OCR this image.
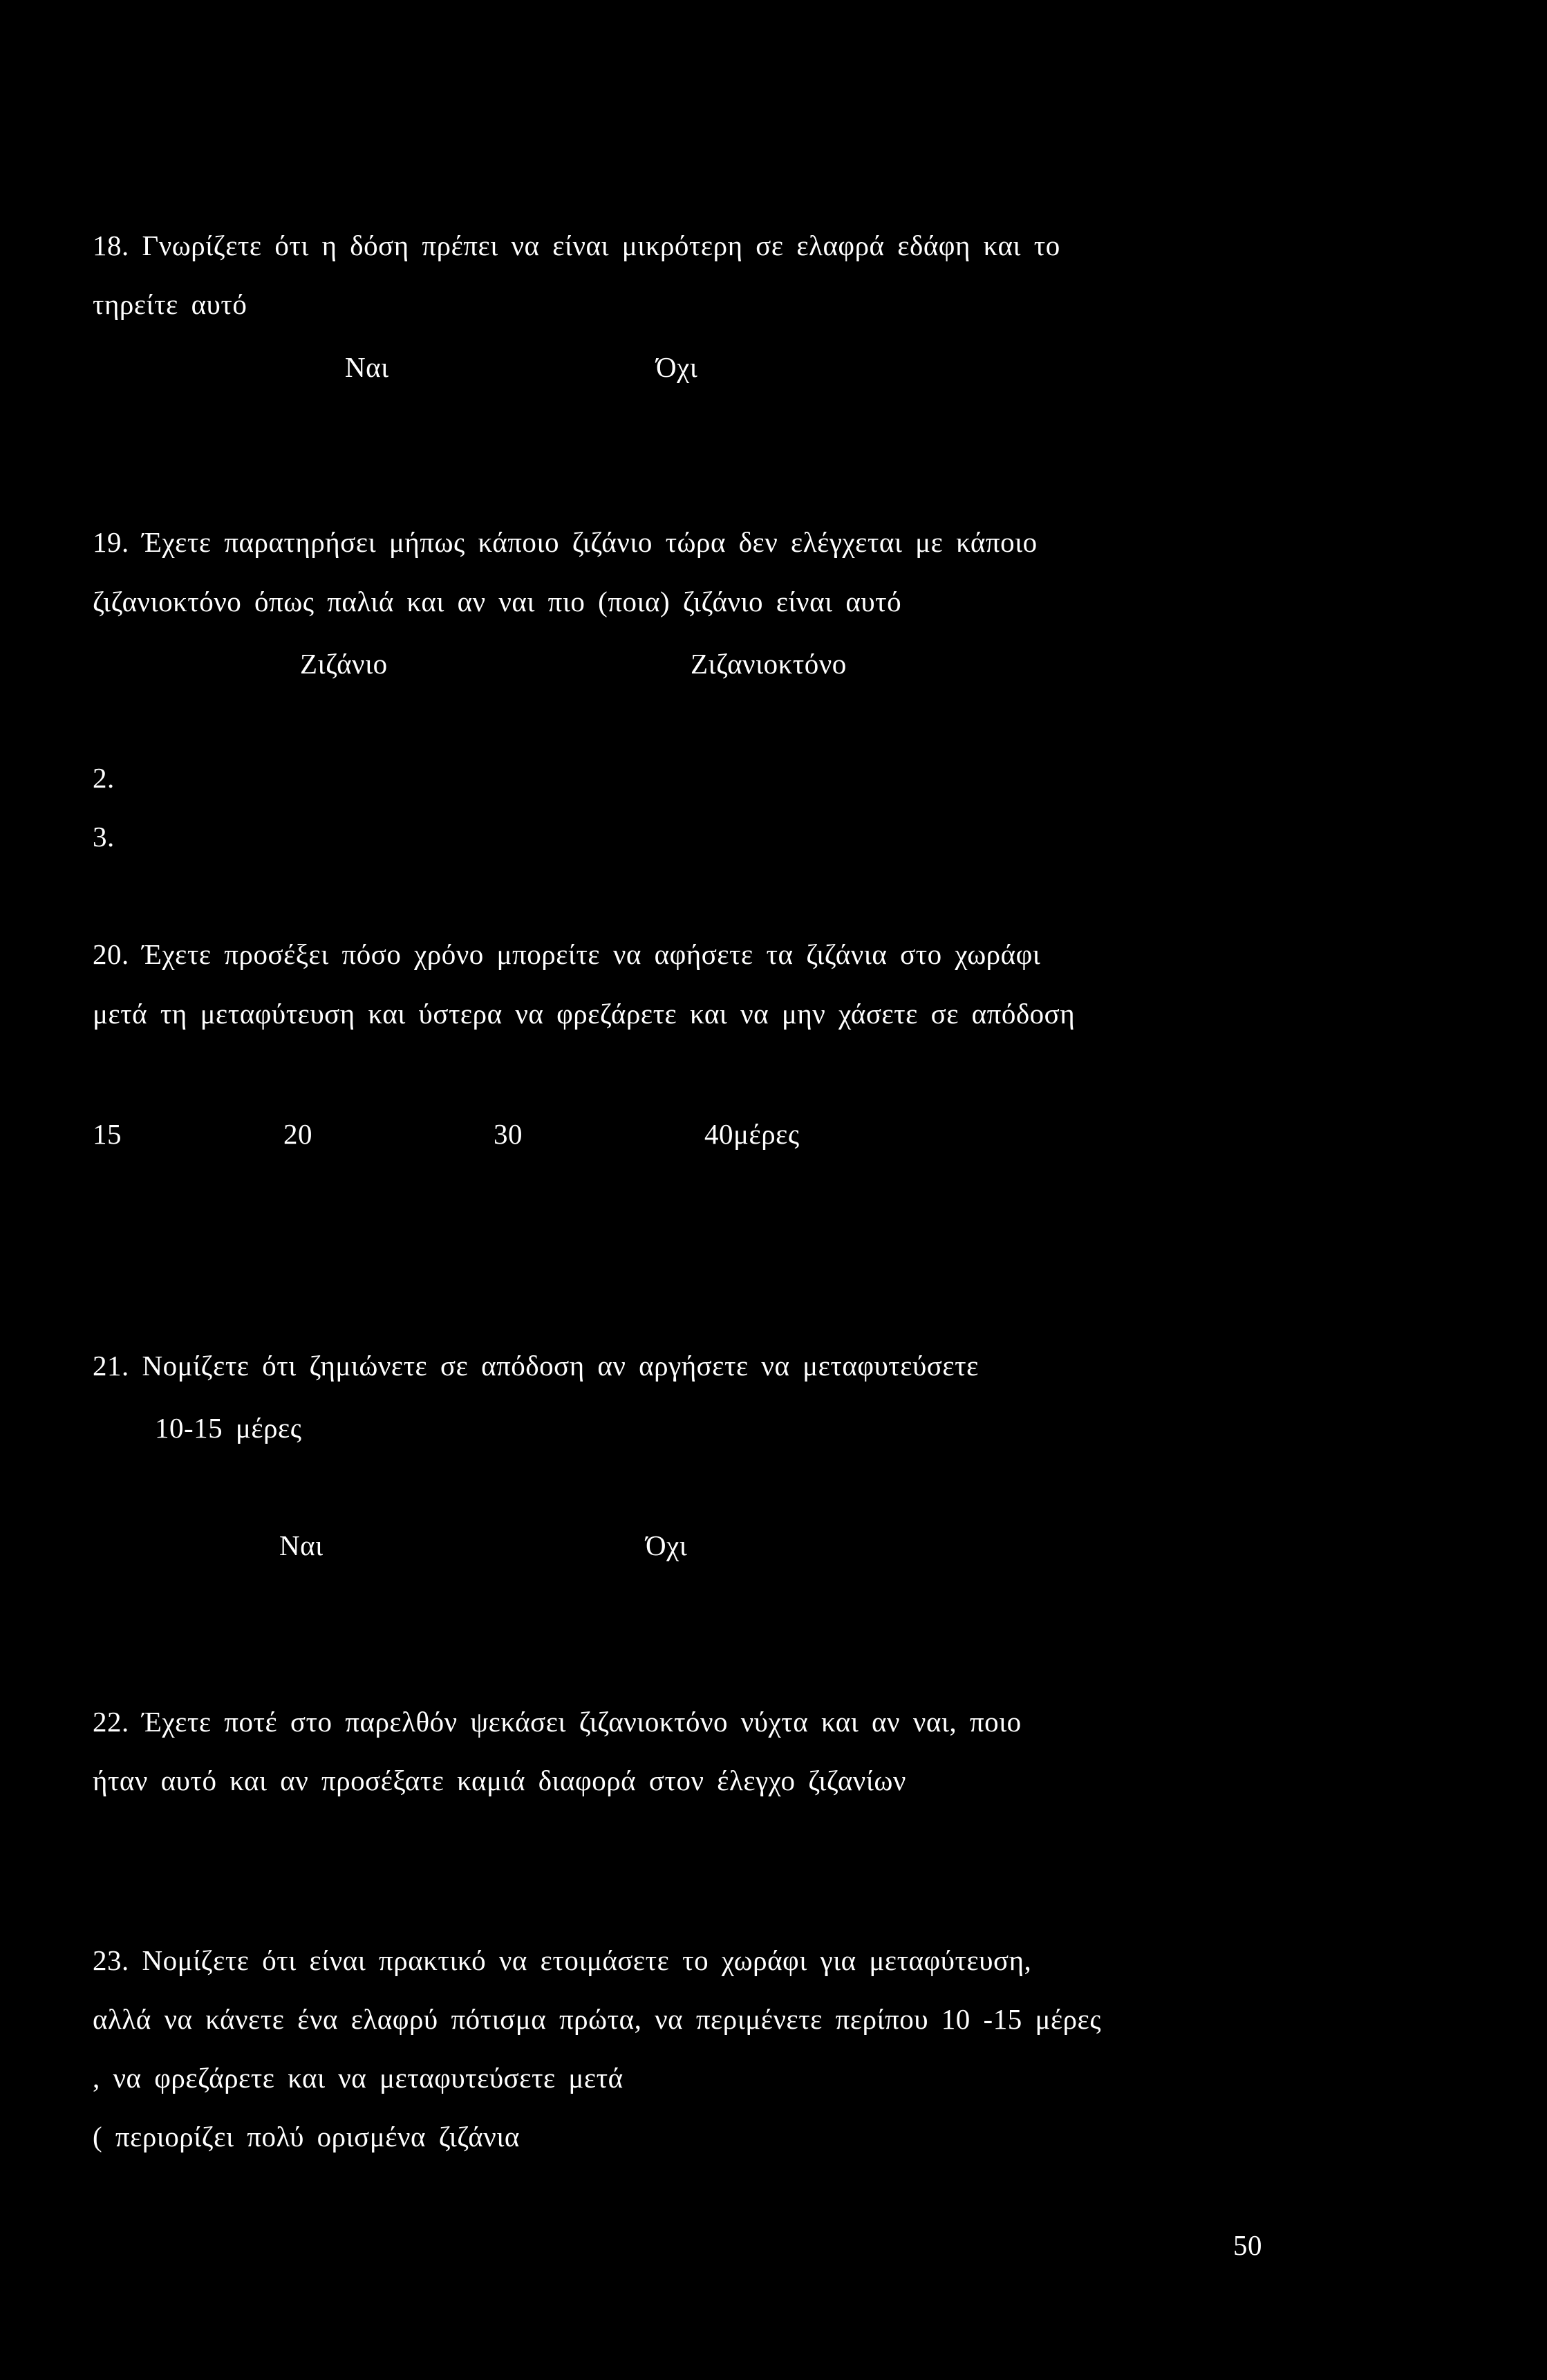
18. Γνωρίζετε ότι η δόση πρέπει να είναι μικρότερη σε ελαφρά εδάφη και το
τηρείτε αυτό
Ναι	Όχι
19. Έχετε παρατηρήσει μήπως κάποιο ζιζάνιο τώρα δεν ελέγχεται με κάποιο
ζιζανιοκτόνο όπως παλιά και αν ναι πιο (ποια) ζιζάνιο είναι αυτό
Ζιζάνιο	Ζιζανιοκτόνο
2.
3.
20. Έχετε προσέξει πόσο χρόνο μπορείτε να αφήσετε τα ζιζάνια στο χωράφι
μετά τη μεταφύτευση και ύστερα να φρεζάρετε και να μην χάσετε σε απόδοση
15	20	30	40μέρες
21. Νομίζετε ότι ζημιώνετε σε απόδοση αν αργήσετε να μεταφυτεύσετε
10-15 μέρες
Ναι	Όχι
22. Έχετε ποτέ στο παρελθόν ψεκάσει ζιζανιοκτόνο νύχτα και αν ναι, ποιο
ήταν αυτό και αν προσέξατε καμιά διαφορά στον έλεγχο ζιζανίων
23. Νομίζετε ότι είναι πρακτικό να ετοιμάσετε το χωράφι για μεταφύτευση,
αλλά να κάνετε ένα ελαφρύ πότισμα πρώτα, να περιμένετε περίπου 10 -15 μέρες
, να φρεζάρετε και να μεταφυτεύσετε μετά
( περιορίζει πολύ ορισμένα ζιζάνια
50
